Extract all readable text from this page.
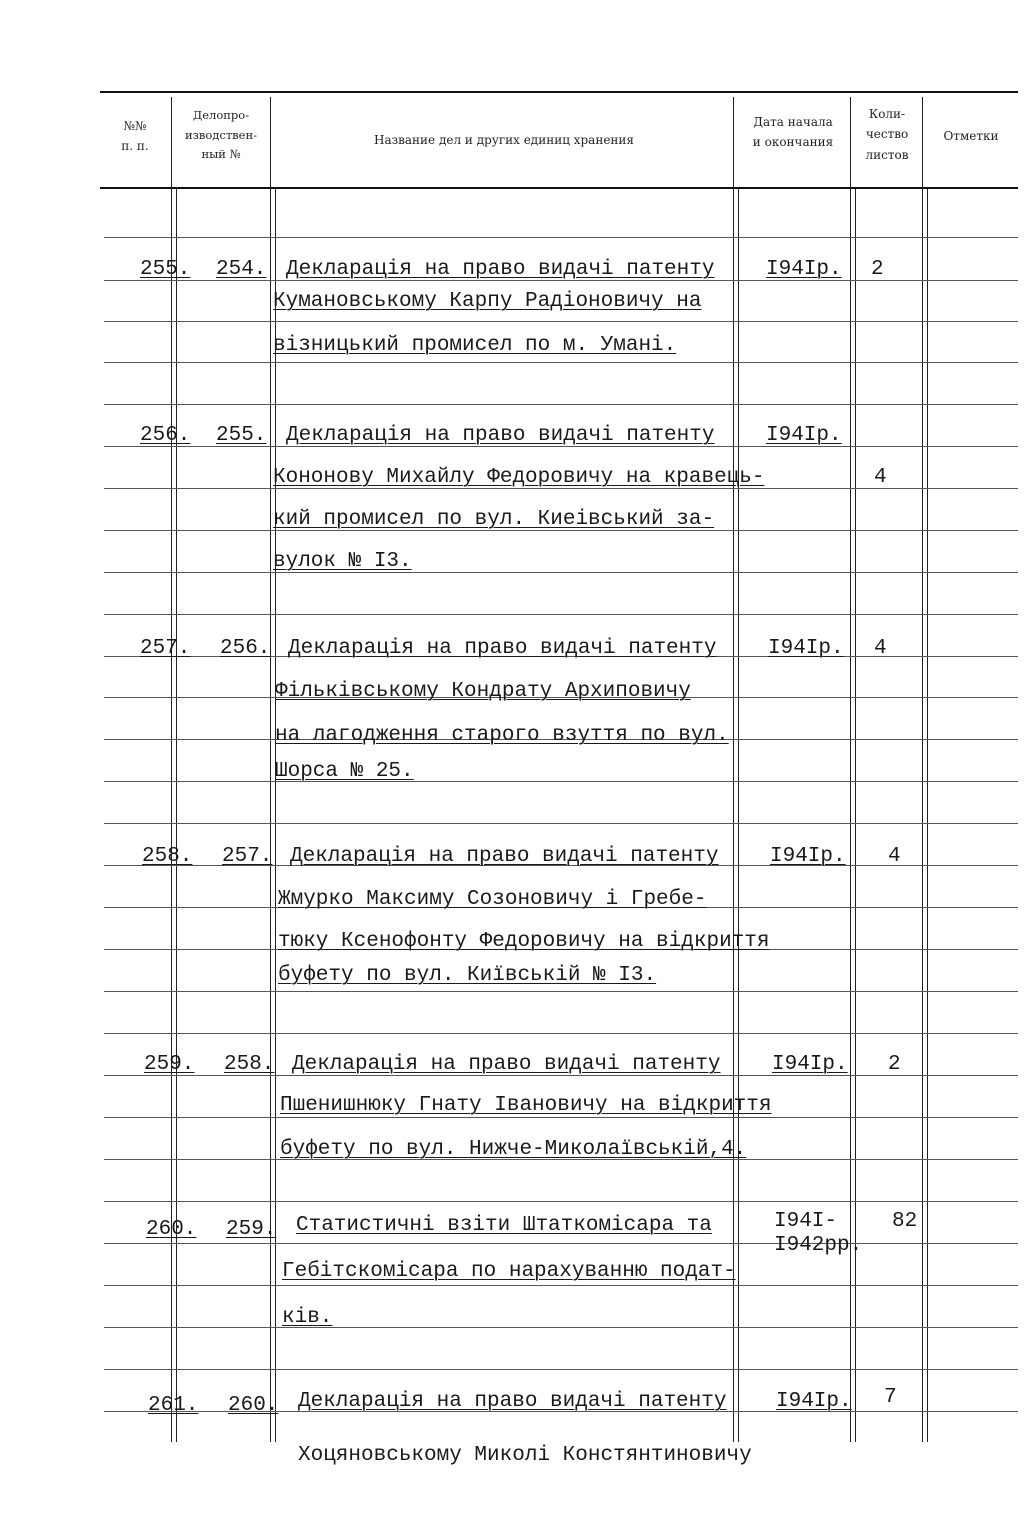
№№
п. п.
Делопро-
изводствен-
ный №
Название дел и других единиц хранения
Дата начала
и окончания
Коли-
чество
листов
Отметки
255. 254. Декларація на право видачі патенту
Кумановському Карпу Радіоновичу на
візницький промисел по м. Умані.
I94Ip. 2
256. 255. Декларація на право видачі патенту
Кононову Михайлу Федоровичу на кравець-
кий промисел по вул. Киеівський за-
вулок № I3.
I94Ip.
4
257. 256. Декларація на право видачі патенту
Фільківському Кондрату Архиповичу
на лагодження старого взуття по вул.
Шорса № 25.
I94Ip. 4
258. 257. Декларація на право видачі патенту
Жмурко Максиму Созоновичу і Гребе-
тюку Ксенофонту Федоровичу на відкриття
буфету по вул. Київській № I3.
I94Ip. 4
259. 258. Декларація на право видачі патенту
Пшенишнюку Гнату Івановичу на відкриття
буфету по вул. Нижче-Миколаївській,4.
I94Ip. 2
260. 259. Статистичні взіти Штаткомісара та
Гебітскомісара по нарахуванню подат-
ків.
I94I-
I942рр.
82
261. 260. Декларація на право видачі патенту
Хоцяновському Миколі Констянтиновичу
I94Ip. 7
